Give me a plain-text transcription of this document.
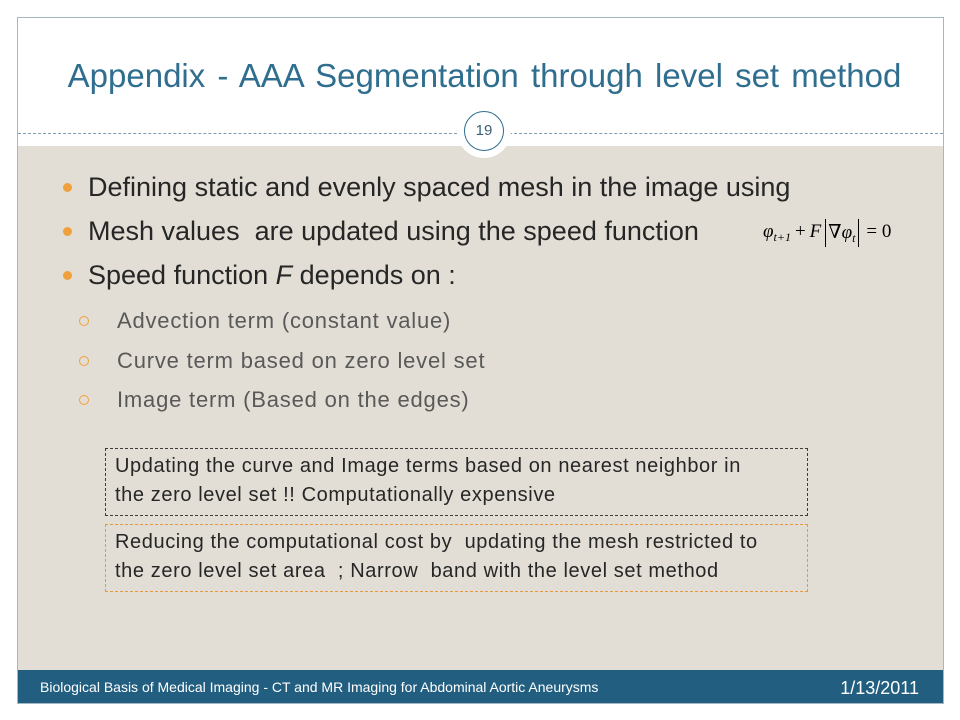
Appendix - AAA Segmentation through level set method
19
Defining static and evenly spaced mesh in the image using
Mesh values  are updated using the speed function
Speed function F depends on :
$\varphi_{t+1} + F$ $\nabla\varphi_t = 0$
Advection term (constant value)
Curve term based on zero level set
Image term (Based on the edges)
Updating the curve and Image terms based on nearest neighbor in
the zero level set !! Computationally expensive
Reducing the computational cost by  updating the mesh restricted to
the zero level set area  ; Narrow  band with the level set method
Biological Basis of Medical Imaging - CT and MR Imaging for Abdominal Aortic Aneurysms	1/13/2011
